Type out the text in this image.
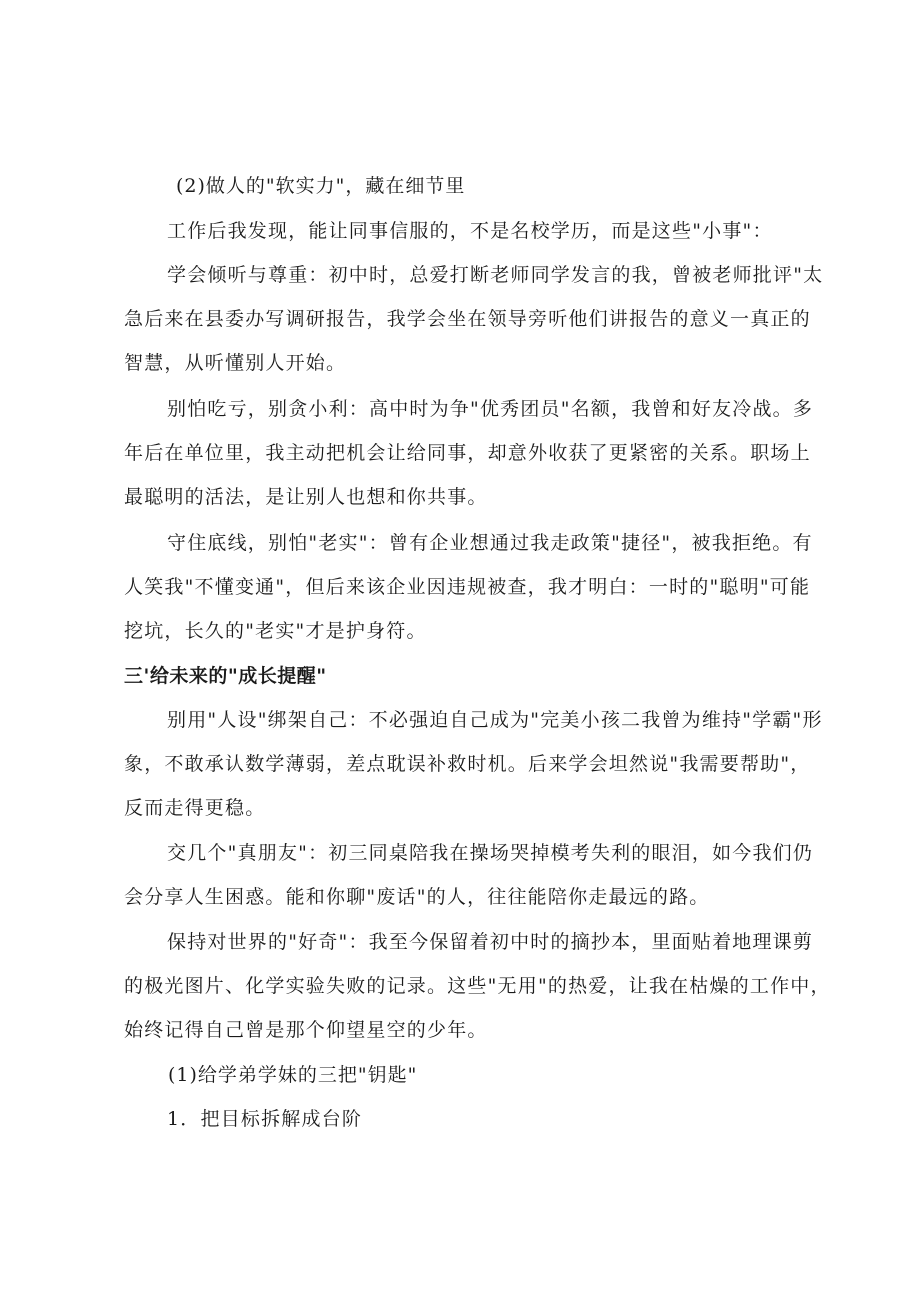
(2)做人的"软实力"，藏在细节里
工作后我发现，能让同事信服的，不是名校学历，而是这些"小事"：
学会倾听与尊重：初中时，总爱打断老师同学发言的我，曾被老师批评"太
急后来在县委办写调研报告，我学会坐在领导旁听他们讲报告的意义一真正的
智慧，从听懂别人开始。
别怕吃亏，别贪小利：高中时为争"优秀团员"名额，我曾和好友冷战。多
年后在单位里，我主动把机会让给同事，却意外收获了更紧密的关系。职场上
最聪明的活法，是让别人也想和你共事。
守住底线，别怕"老实"：曾有企业想通过我走政策"捷径"，被我拒绝。有
人笑我"不懂变通"，但后来该企业因违规被查，我才明白：一时的"聪明"可能
挖坑，长久的"老实"才是护身符。
三'给未来的"成长提醒"
别用"人设"绑架自己：不必强迫自己成为"完美小孩二我曾为维持"学霸"形
象，不敢承认数学薄弱，差点耽误补救时机。后来学会坦然说"我需要帮助"，
反而走得更稳。
交几个"真朋友"：初三同桌陪我在操场哭掉模考失利的眼泪，如今我们仍
会分享人生困惑。能和你聊"废话"的人，往往能陪你走最远的路。
保持对世界的"好奇"：我至今保留着初中时的摘抄本，里面贴着地理课剪
的极光图片、化学实验失败的记录。这些"无用"的热爱，让我在枯燥的工作中，
始终记得自己曾是那个仰望星空的少年。
(1)给学弟学妹的三把"钥匙"
1．把目标拆解成台阶
